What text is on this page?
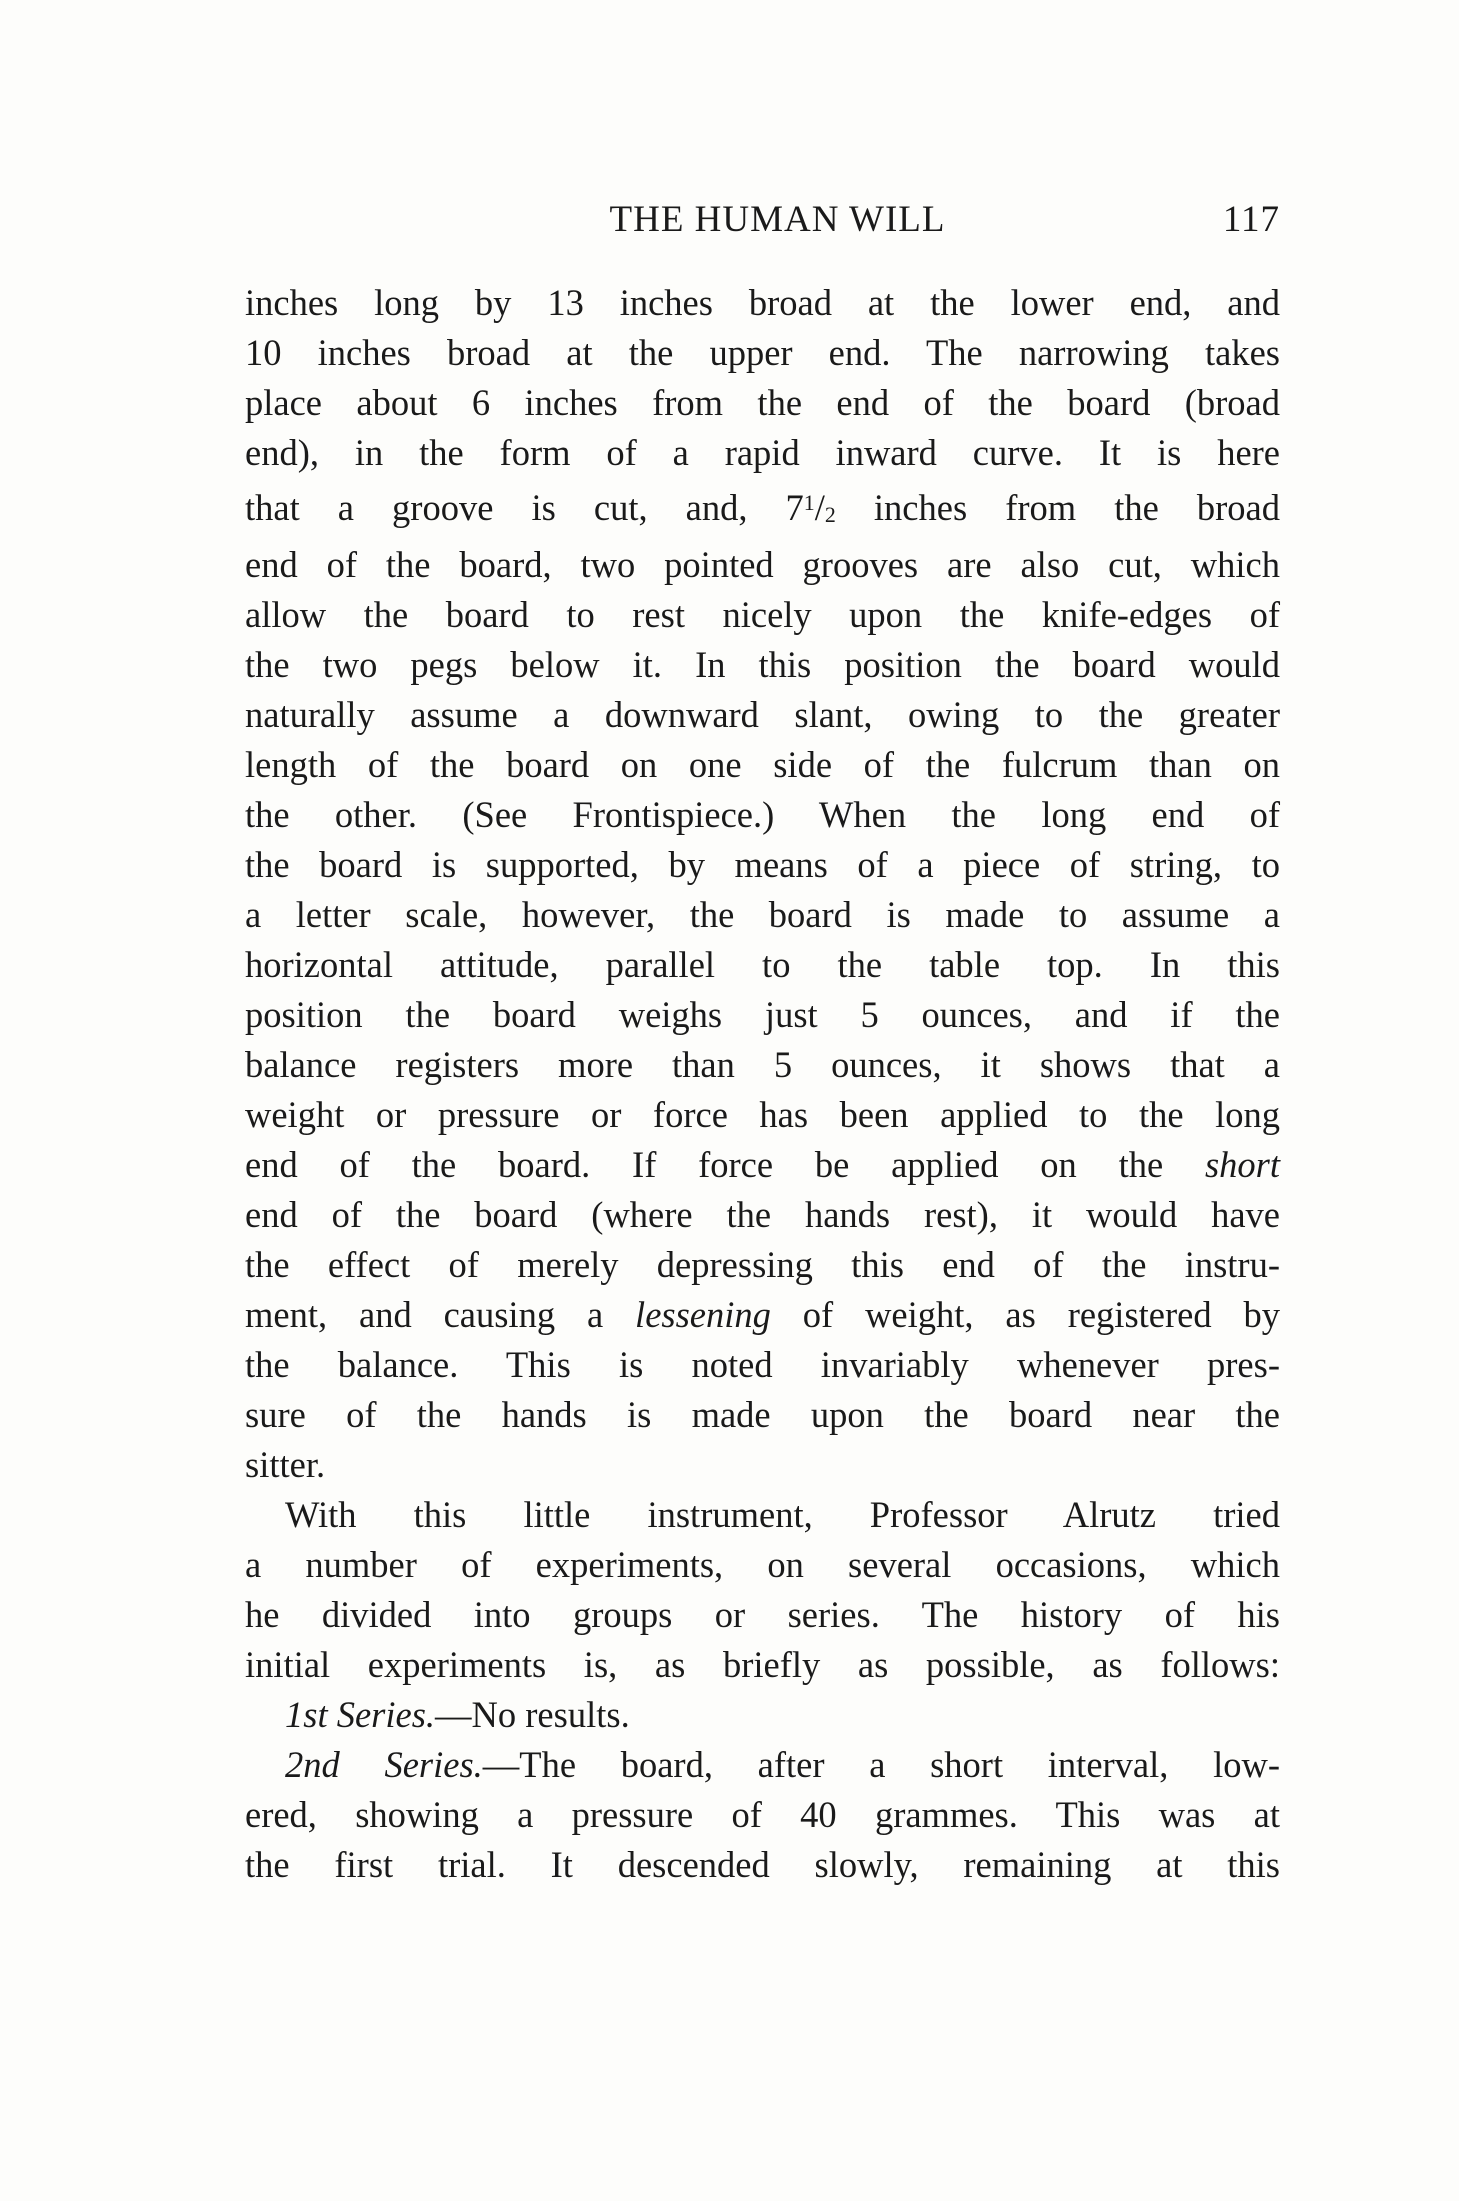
THE HUMAN WILL	117

inches long by 13 inches broad at the lower end, and

10 inches broad at the upper end. The narrowing takes

place about 6 inches from the end of the board (broad

end), in the form of a rapid inward curve. It is here

that a groove is cut, and, $7^1/_2$ inches from the broad

end of the board, two pointed grooves are also cut, which

allow the board to rest nicely upon the knife-edges of

the two pegs below it. In this position the board would

naturally assume a downward slant, owing to the greater

length of the board on one side of the fulcrum than on

the other. (See Frontispiece.) When the long end of

the board is supported, by means of a piece of string, to

a letter scale, however, the board is made to assume a

horizontal attitude, parallel to the table top. In this

position the board weighs just 5 ounces, and if the

balance registers more than 5 ounces, it shows that a

weight or pressure or force has been applied to the long

end of the board. If force be applied on the short

end of the board (where the hands rest), it would have

the effect of merely depressing this end of the instru-

ment, and causing a lessening of weight, as registered by

the balance. This is noted invariably whenever pres-

sure of the hands is made upon the board near the

sitter.

With this little instrument, Professor Alrutz tried

a number of experiments, on several occasions, which

he divided into groups or series. The history of his

initial experiments is, as briefly as possible, as follows:

1st Series.—No results.

2nd Series.—The board, after a short interval, low-

ered, showing a pressure of 40 grammes. This was at

the first trial. It descended slowly, remaining at this
